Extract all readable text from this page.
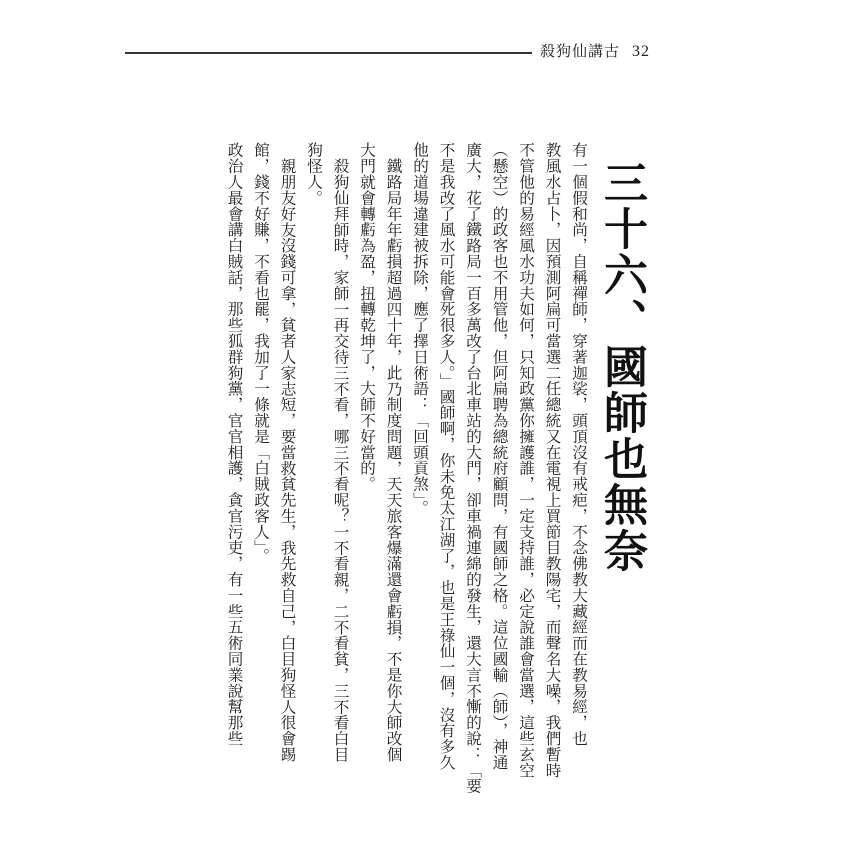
殺狗仙講古 32
三十六、國師也無奈
有一個假和尚，自稱禪師，穿著迦裟，頭頂沒有戒疤，不念佛教大藏經而在教易經，也
教風水占卜，因預測阿扁可當選二任總統又在電視上買節目教陽宅，而聲名大噪，我們暫時
不管他的易經風水功夫如何，只知政黨你擁護誰，一定支持誰，必定說誰會當選，這些玄空
（懸空）的政客也不用管他，但阿扁聘為總統府顧問，有國師之格。這位國輸（師），神通
廣大，花了鐵路局一百多萬改了台北車站的大門，卻車禍連綿的發生，還大言不慚的說：「要
不是我改了風水可能會死很多人。」國師啊，你未免太江湖了，也是王祿仙一個，沒有多久
他的道場違建被拆除，應了擇日術語：「回頭貢煞」。
鐵路局年年虧損超過四十年，此乃制度問題，天天旅客爆滿還會虧損，不是你大師改個
大門就會轉虧為盈，扭轉乾坤了，大師不好當的。
殺狗仙拜師時，家師一再交待三不看，哪三不看呢？一不看親，二不看貧，三不看白目
狗怪人。
親朋友好友沒錢可拿，貧者人家志短，要當救貧先生，我先救自己，白目狗怪人很會踢
館，錢不好賺，不看也罷，我加了一條就是「白賊政客人」。
政治人最會講白賊話，那些狐群狗黨，官官相護，貪官污吏，有一些五術同業說幫那些
